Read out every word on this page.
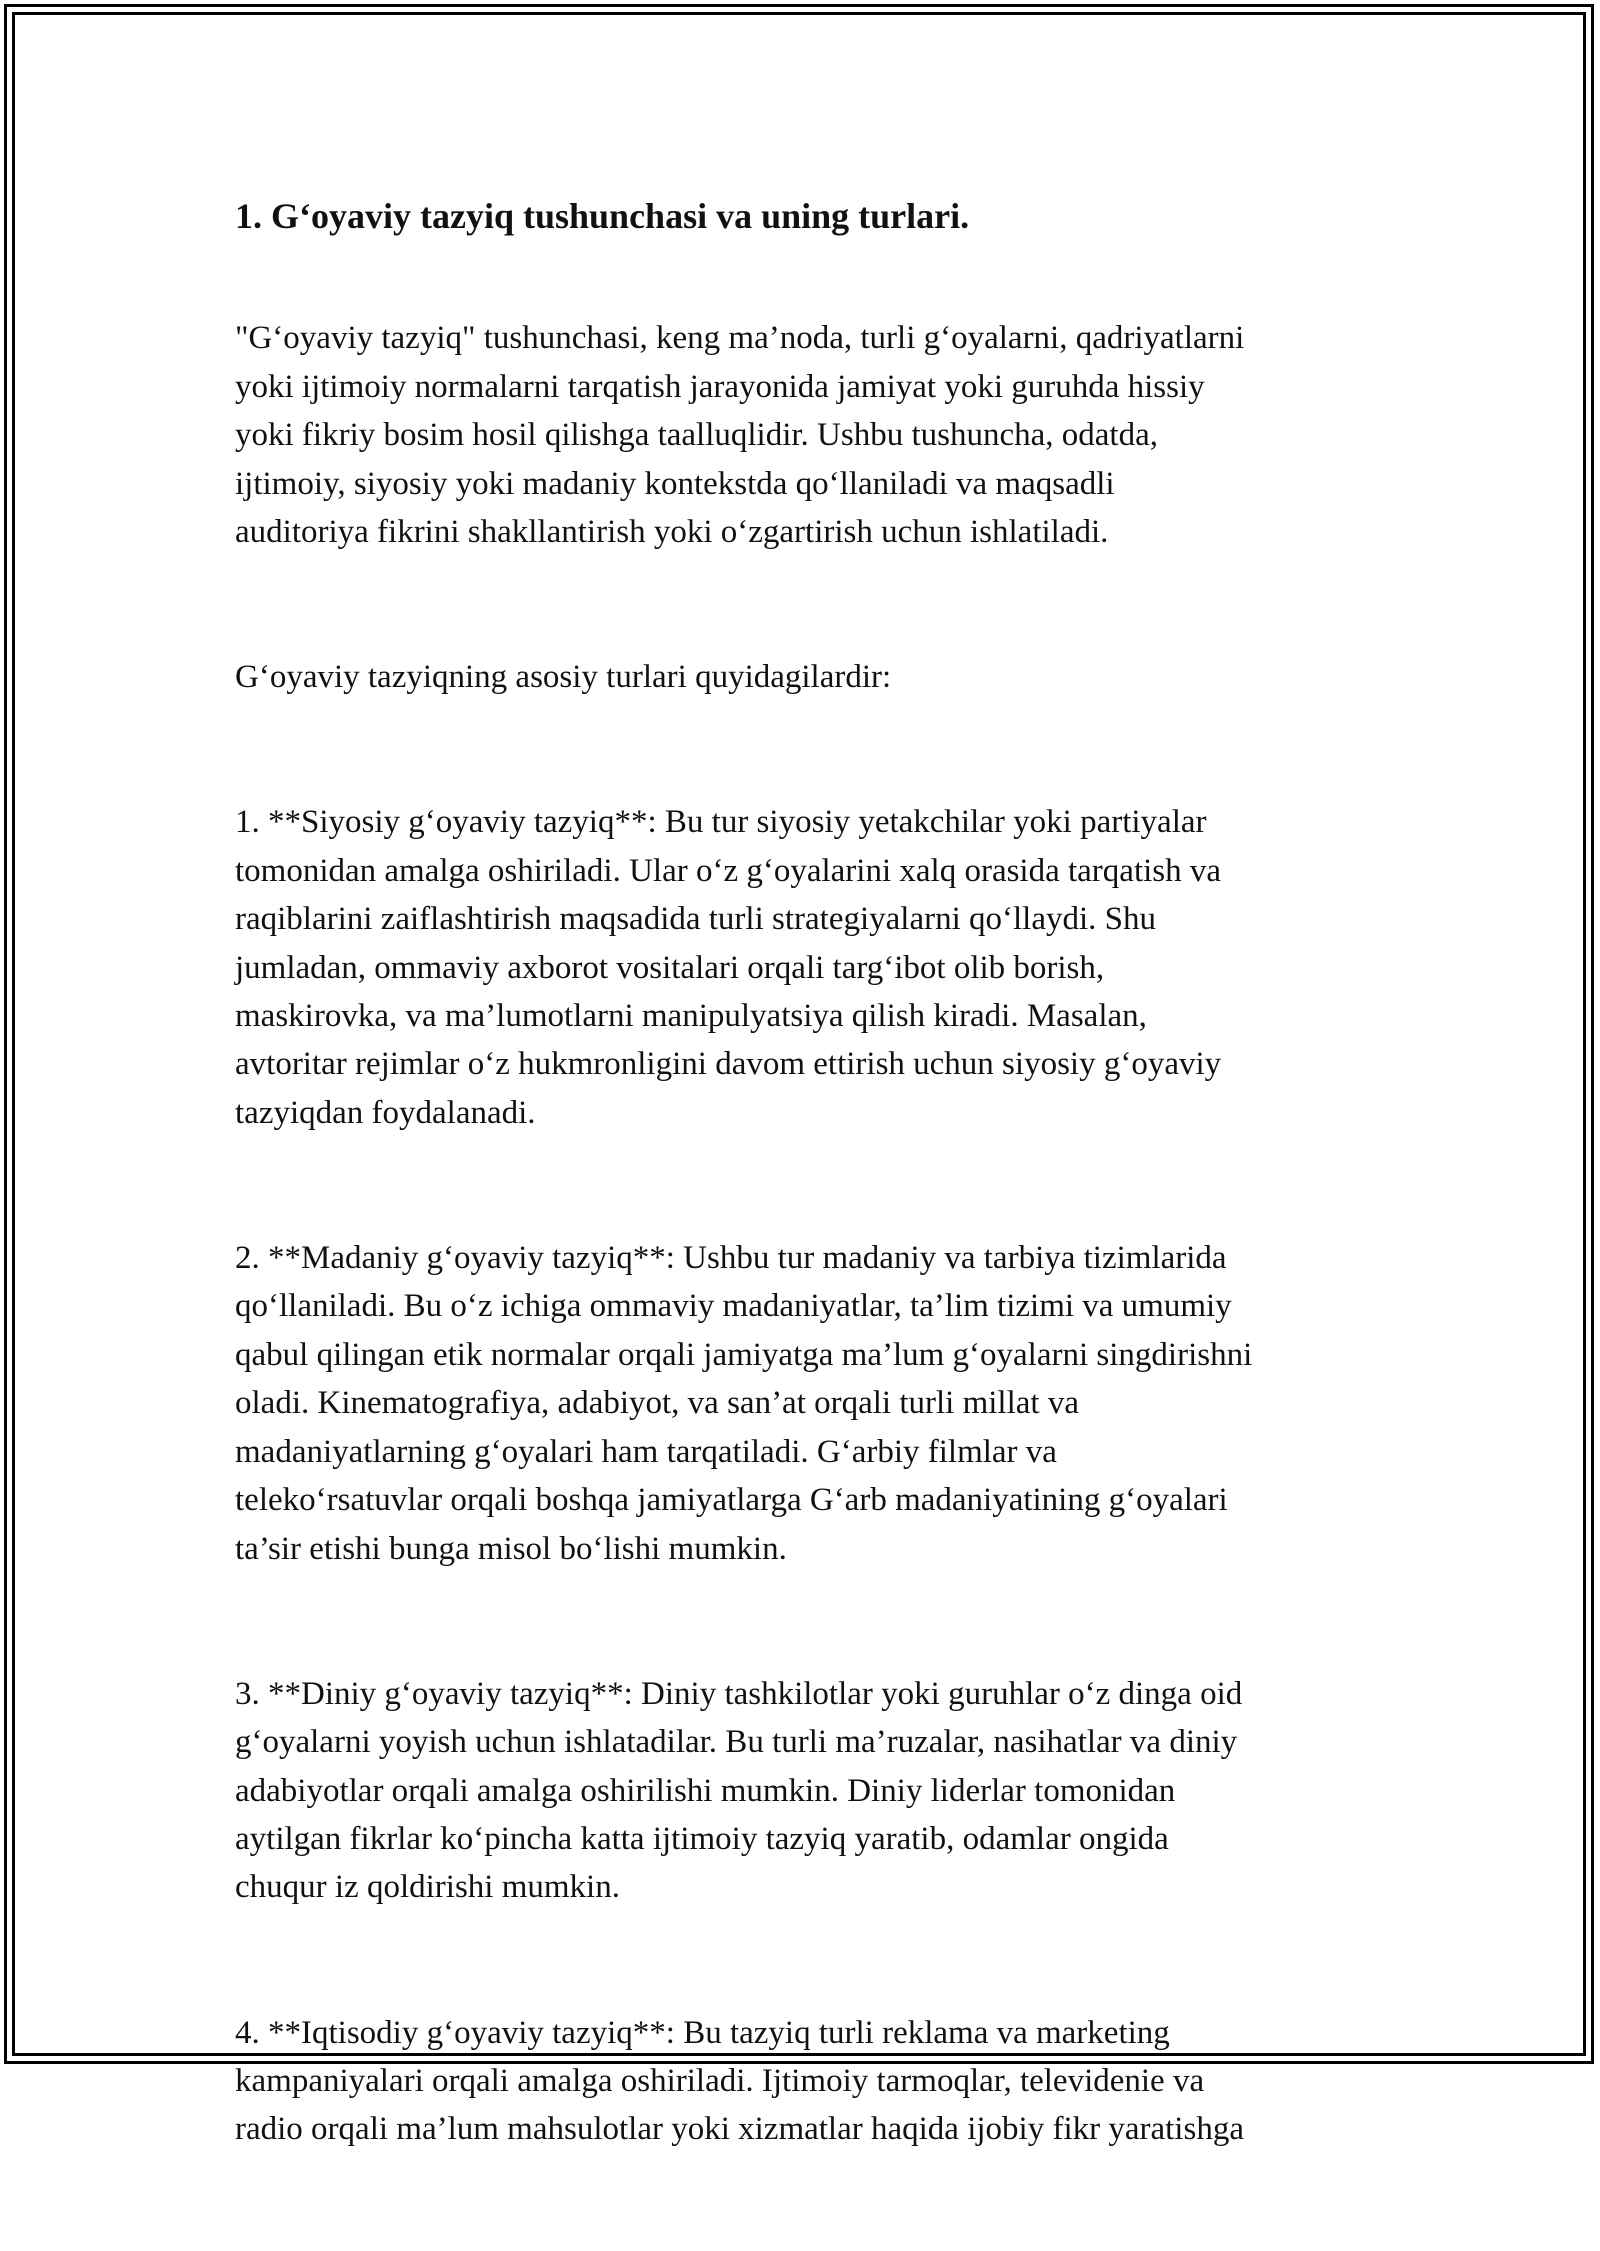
1. G‘oyaviy tazyiq tushunchasi va uning turlari.

"G‘oyaviy tazyiq" tushunchasi, keng ma’noda, turli g‘oyalarni, qadriyatlarni
yoki ijtimoiy normalarni tarqatish jarayonida jamiyat yoki guruhda hissiy
yoki fikriy bosim hosil qilishga taalluqlidir. Ushbu tushuncha, odatda,
ijtimoiy, siyosiy yoki madaniy kontekstda qo‘llaniladi va maqsadli
auditoriya fikrini shakllantirish yoki o‘zgartirish uchun ishlatiladi.

G‘oyaviy tazyiqning asosiy turlari quyidagilardir:

1. **Siyosiy g‘oyaviy tazyiq**: Bu tur siyosiy yetakchilar yoki partiyalar
tomonidan amalga oshiriladi. Ular o‘z g‘oyalarini xalq orasida tarqatish va
raqiblarini zaiflashtirish maqsadida turli strategiyalarni qo‘llaydi. Shu
jumladan, ommaviy axborot vositalari orqali targ‘ibot olib borish,
maskirovka, va ma’lumotlarni manipulyatsiya qilish kiradi. Masalan,
avtoritar rejimlar o‘z hukmronligini davom ettirish uchun siyosiy g‘oyaviy
tazyiqdan foydalanadi.

2. **Madaniy g‘oyaviy tazyiq**: Ushbu tur madaniy va tarbiya tizimlarida
qo‘llaniladi. Bu o‘z ichiga ommaviy madaniyatlar, ta’lim tizimi va umumiy
qabul qilingan etik normalar orqali jamiyatga ma’lum g‘oyalarni singdirishni
oladi. Kinematografiya, adabiyot, va san’at orqali turli millat va
madaniyatlarning g‘oyalari ham tarqatiladi. G‘arbiy filmlar va
teleko‘rsatuvlar orqali boshqa jamiyatlarga G‘arb madaniyatining g‘oyalari
ta’sir etishi bunga misol bo‘lishi mumkin.

3. **Diniy g‘oyaviy tazyiq**: Diniy tashkilotlar yoki guruhlar o‘z dinga oid
g‘oyalarni yoyish uchun ishlatadilar. Bu turli ma’ruzalar, nasihatlar va diniy
adabiyotlar orqali amalga oshirilishi mumkin. Diniy liderlar tomonidan
aytilgan fikrlar ko‘pincha katta ijtimoiy tazyiq yaratib, odamlar ongida
chuqur iz qoldirishi mumkin.

4. **Iqtisodiy g‘oyaviy tazyiq**: Bu tazyiq turli reklama va marketing
kampaniyalari orqali amalga oshiriladi. Ijtimoiy tarmoqlar, televidenie va
radio orqali ma’lum mahsulotlar yoki xizmatlar haqida ijobiy fikr yaratishga
